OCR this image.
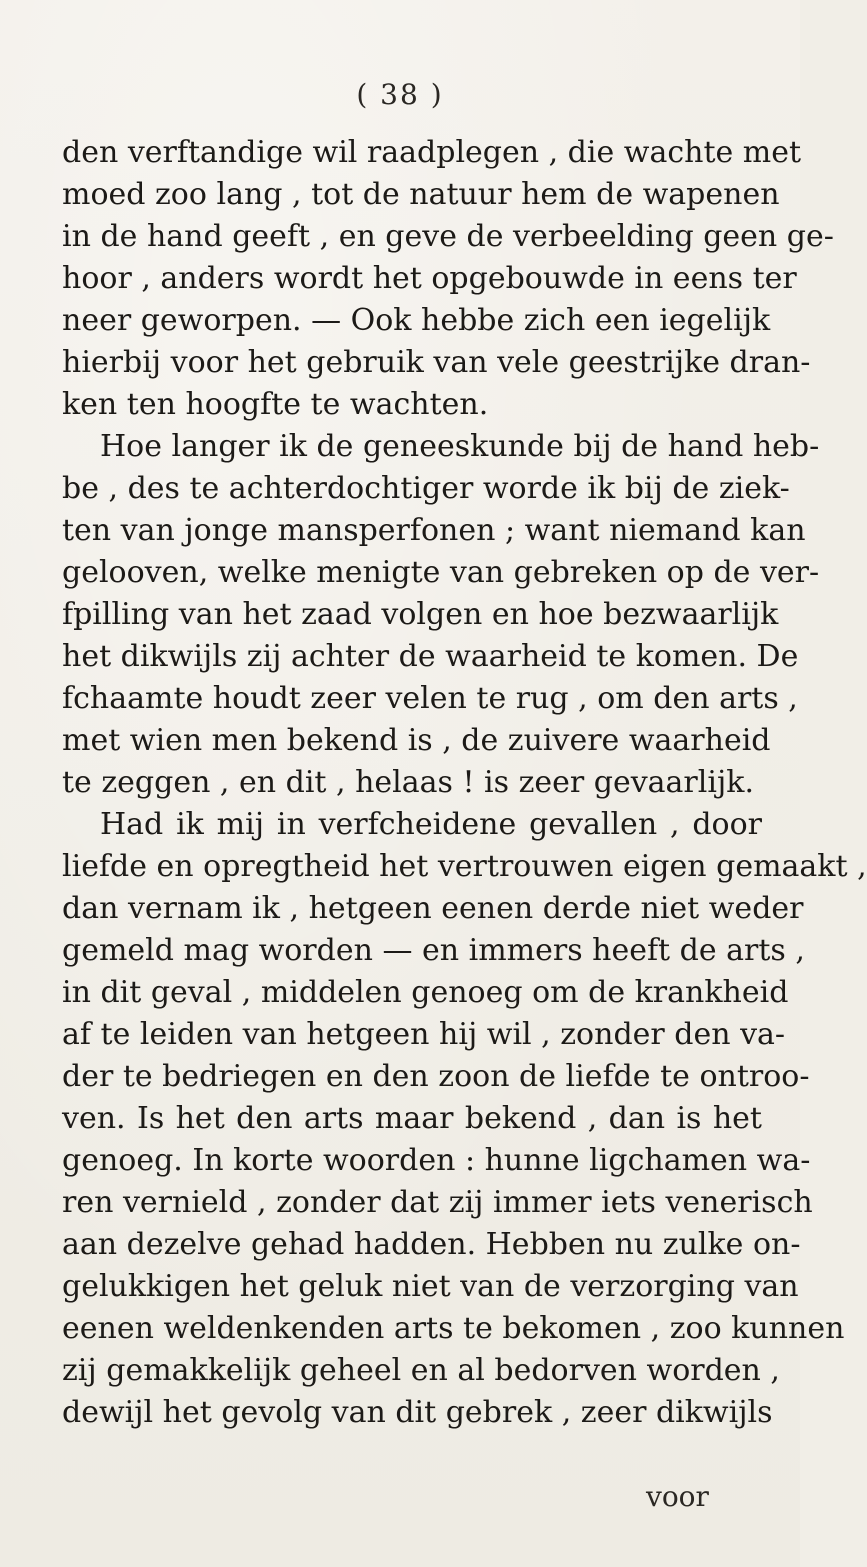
( 38 )
den verftandige wil raadplegen , die wachte met
moed zoo lang , tot de natuur hem de wapenen
in de hand geeft , en geve de verbeelding geen ge-
hoor , anders wordt het opgebouwde in eens ter
neer geworpen. — Ook hebbe zich een iegelijk
hierbij voor het gebruik van vele geestrijke dran-
ken ten hoogfte te wachten.
Hoe langer ik de geneeskunde bij de hand heb-
be , des te achterdochtiger worde ik bij de ziek-
ten van jonge mansperfonen ; want niemand kan
gelooven, welke menigte van gebreken op de ver-
fpilling van het zaad volgen en hoe bezwaarlijk
het dikwijls zij achter de waarheid te komen. De
fchaamte houdt zeer velen te rug , om den arts ,
met wien men bekend is , de zuivere waarheid
te zeggen , en dit , helaas ! is zeer gevaarlijk.
Had ik mij in verfcheidene gevallen , door
liefde en opregtheid het vertrouwen eigen gemaakt ,
dan vernam ik , hetgeen eenen derde niet weder
gemeld mag worden — en immers heeft de arts ,
in dit geval , middelen genoeg om de krankheid
af te leiden van hetgeen hij wil , zonder den va-
der te bedriegen en den zoon de liefde te ontroo-
ven. Is het den arts maar bekend , dan is het
genoeg. In korte woorden : hunne ligchamen wa-
ren vernield , zonder dat zij immer iets venerisch
aan dezelve gehad hadden. Hebben nu zulke on-
gelukkigen het geluk niet van de verzorging van
eenen weldenkenden arts te bekomen , zoo kunnen
zij gemakkelijk geheel en al bedorven worden ,
dewijl het gevolg van dit gebrek , zeer dikwijls
voor
